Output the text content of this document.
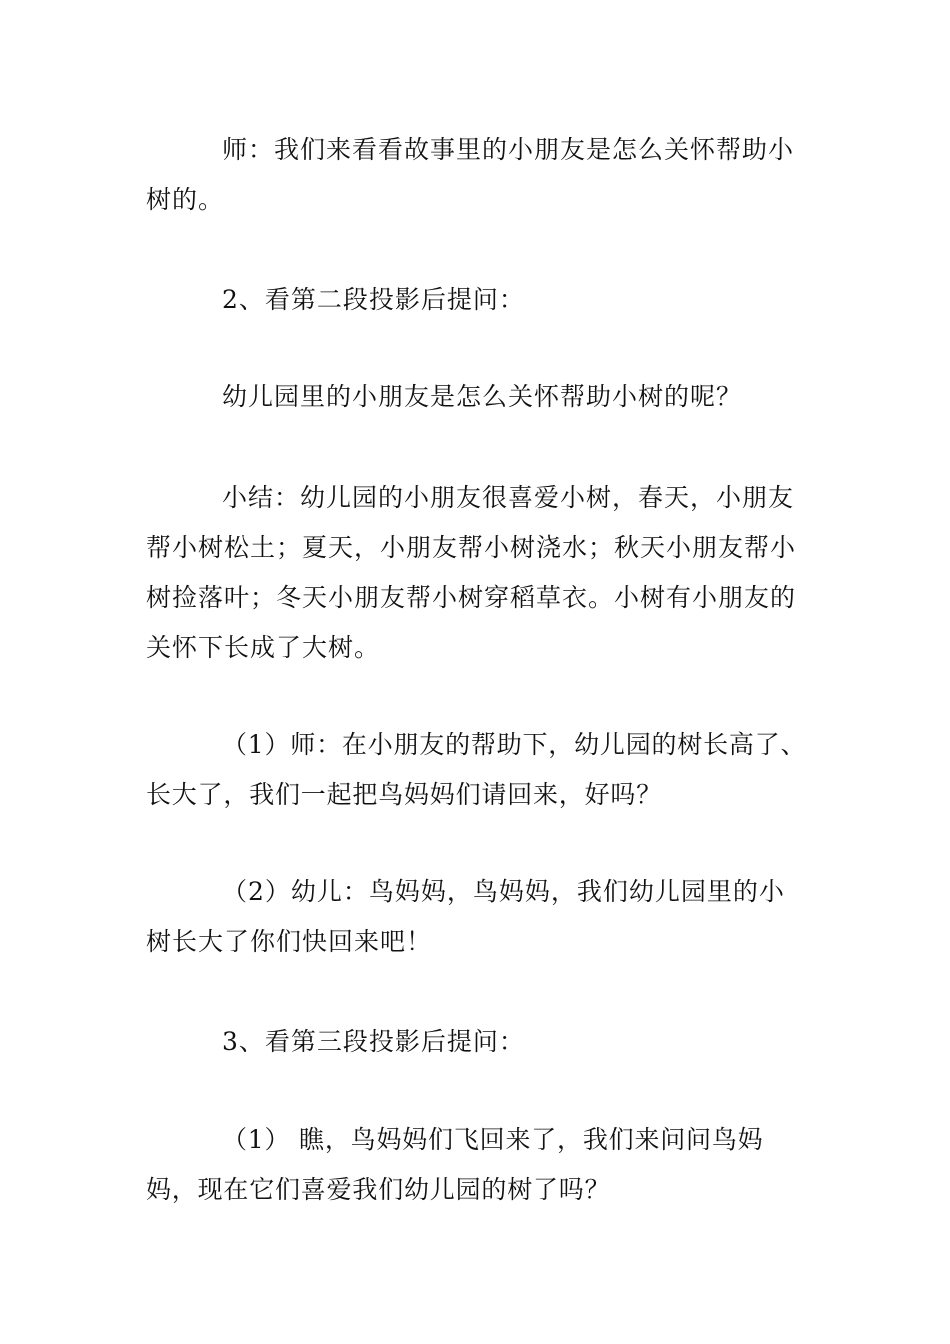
师：我们来看看故事里的小朋友是怎么关怀帮助小树的。

2、看第二段投影后提问：

幼儿园里的小朋友是怎么关怀帮助小树的呢？

小结：幼儿园的小朋友很喜爱小树，春天，小朋友帮小树松土；夏天，小朋友帮小树浇水；秋天小朋友帮小树捡落叶；冬天小朋友帮小树穿稻草衣。小树有小朋友的关怀下长成了大树。

（1）师：在小朋友的帮助下，幼儿园的树长高了、长大了，我们一起把鸟妈妈们请回来，好吗？

（2）幼儿：鸟妈妈，鸟妈妈，我们幼儿园里的小树长大了你们快回来吧！

3、看第三段投影后提问：

（1） 瞧，鸟妈妈们飞回来了，我们来问问鸟妈妈，现在它们喜爱我们幼儿园的树了吗？
